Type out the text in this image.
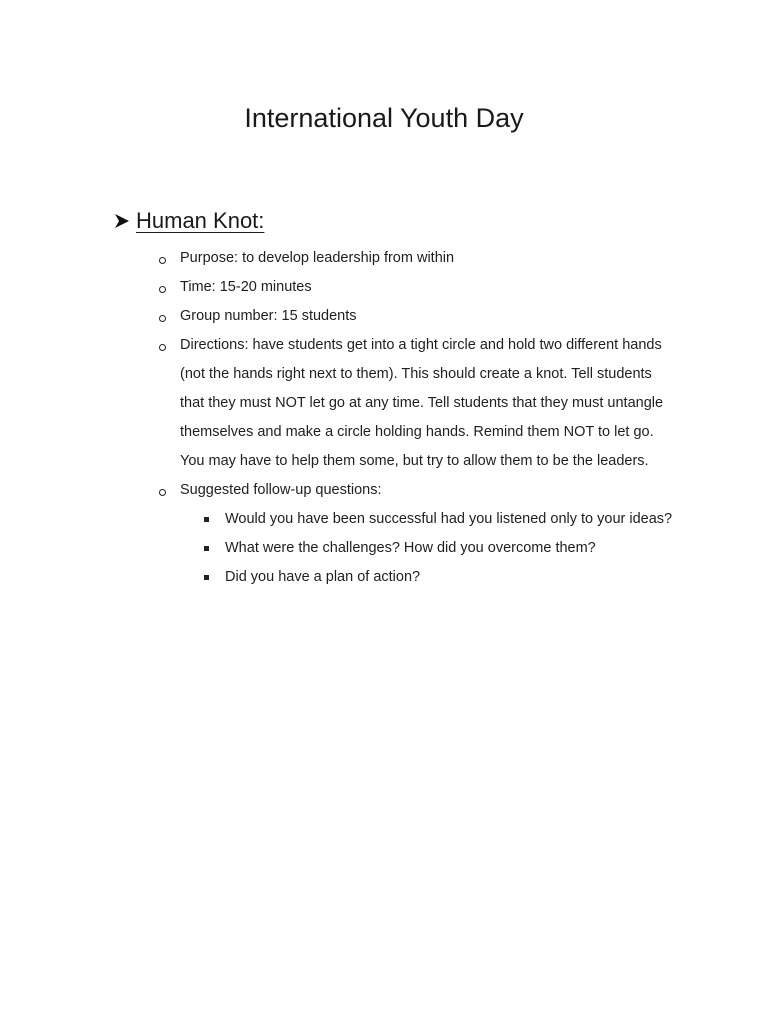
International Youth Day
Human Knot:
Purpose: to develop leadership from within
Time: 15-20 minutes
Group number: 15 students
Directions: have students get into a tight circle and hold two different hands (not the hands right next to them). This should create a knot. Tell students that they must NOT let go at any time. Tell students that they must untangle themselves and make a circle holding hands. Remind them NOT to let go. You may have to help them some, but try to allow them to be the leaders.
Suggested follow-up questions:
Would you have been successful had you listened only to your ideas?
What were the challenges? How did you overcome them?
Did you have a plan of action?
